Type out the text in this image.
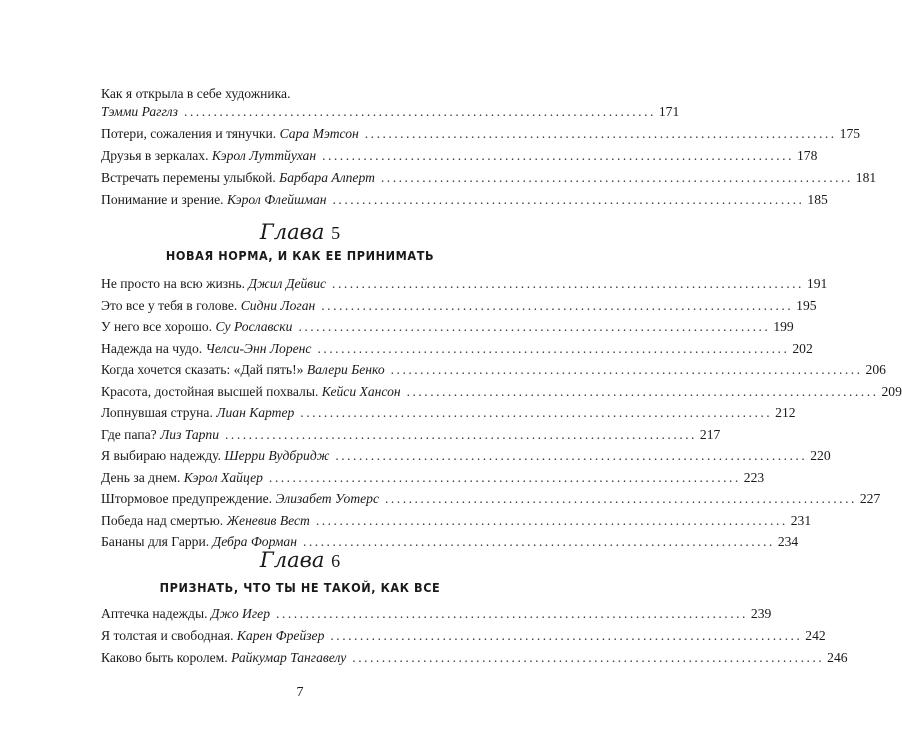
Как я открыла в себе художника.
Тэмми Рагглз ................................................................................ 171
Потери, сожаления и тянучки.
Сара Мэтсон ................................................................................ 175
Друзья в зеркалах.
Кэрол Луттйухан ................................................................................ 178
Встречать перемены улыбкой.
Барбара Алперт ................................................................................ 181
Понимание и зрение.
Кэрол Флейшман ................................................................................ 185
Глава 5
НОВАЯ НОРМА, И КАК ЕЕ ПРИНИМАТЬ
Не просто на всю жизнь.
Джил Дейвис ................................................................................ 191
Это все у тебя в голове.
Сидни Логан ................................................................................ 195
У него все хорошо.
Су Рославски ................................................................................ 199
Надежда на чудо.
Челси-Энн Лоренс ................................................................................ 202
Когда хочется сказать: «Дай пять!»
Валери Бенко ................................................................................ 206
Красота, достойная высшей похвалы.
Кейси Хансон ................................................................................ 209
Лопнувшая струна.
Лиан Картер ................................................................................ 212
Где папа?
Лиз Тарпи ................................................................................ 217
Я выбираю надежду.
Шерри Вудбридж ................................................................................ 220
День за днем.
Кэрол Хайцер ................................................................................ 223
Штормовое предупреждение.
Элизабет Уотерс ................................................................................ 227
Победа над смертью.
Женевив Вест ................................................................................ 231
Бананы для Гарри.
Дебра Форман ................................................................................ 234
Глава 6
ПРИЗНАТЬ, ЧТО ТЫ НЕ ТАКОЙ, КАК ВСЕ
Аптечка надежды.
Джо Игер ................................................................................ 239
Я толстая и свободная.
Карен Фрейзер ................................................................................ 242
Каково быть королем.
Райкумар Тангавелу ................................................................................ 246
7
